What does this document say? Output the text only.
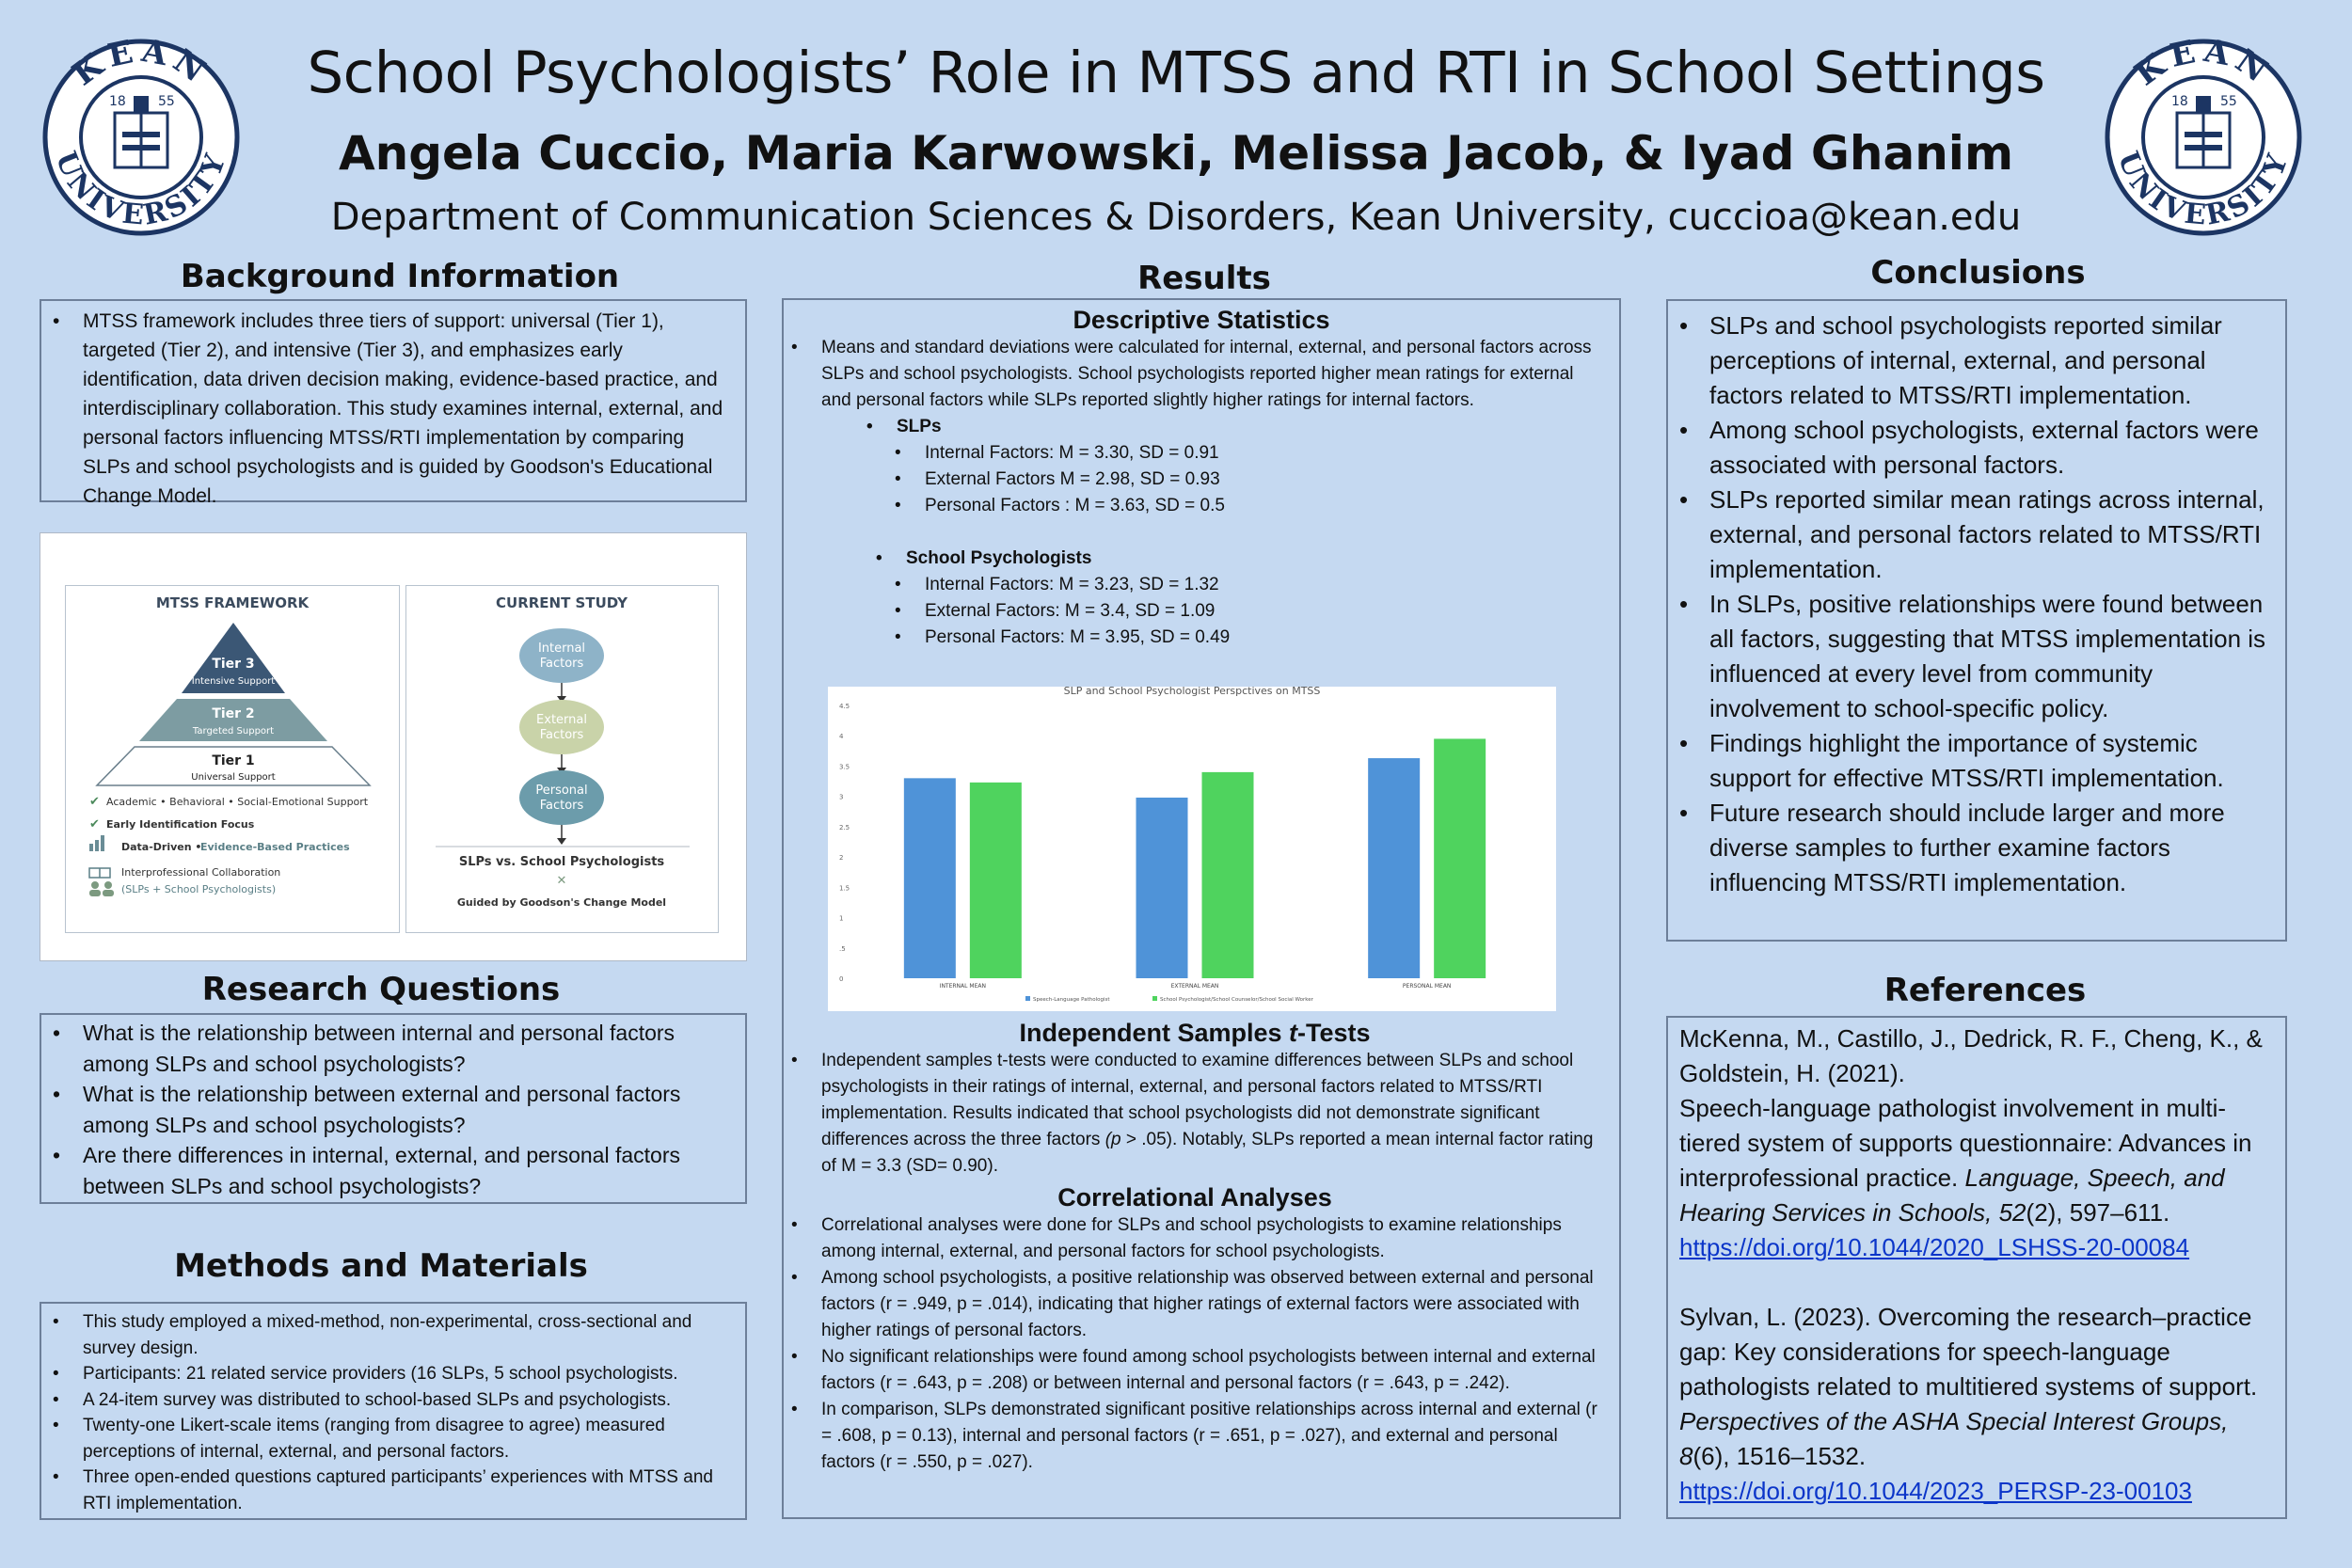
KEAN
UNIVERSITY
18 55
KEAN
UNIVERSITY
18 55
School Psychologists’ Role in MTSS and RTI in School Settings
Angela Cuccio, Maria Karwowski, Melissa Jacob, & Iyad Ghanim
Department of Communication Sciences & Disorders, Kean University, cuccioa@kean.edu
Background Information
• MTSS framework includes three tiers of support: universal (Tier 1), targeted (Tier 2), and intensive (Tier 3), and emphasizes early identification, data driven decision making, evidence-based practice, and interdisciplinary collaboration. This study examines internal, external, and personal factors influencing MTSS/RTI implementation by comparing SLPs and school psychologists and is guided by Goodson's Educational Change Model.
MTSS FRAMEWORK
Tier 3
Intensive Support
Tier 2
Targeted Support
Tier 1
Universal Support
✔ Academic • Behavioral • Social-Emotional Support
✔ Early Identification Focus
Data-Driven •
Evidence-Based Practices
Interprofessional Collaboration
(SLPs + School Psychologists)
CURRENT STUDY
Internal
Factors
External
Factors
Personal
Factors
SLPs vs. School Psychologists
✕
Guided by Goodson's Change Model
Research Questions
• What is the relationship between internal and personal factors among SLPs and school psychologists?
• What is the relationship between external and personal factors among SLPs and school psychologists?
• Are there differences in internal, external, and personal factors between SLPs and school psychologists?
Methods and Materials
• This study employed a mixed-method, non-experimental, cross-sectional and survey design.
• Participants: 21 related service providers (16 SLPs, 5 school psychologists.
• A 24-item survey was distributed to school-based SLPs and psychologists.
• Twenty-one Likert-scale items (ranging from disagree to agree) measured perceptions of internal, external, and personal factors.
• Three open-ended questions captured participants’ experiences with MTSS and RTI implementation.
Results
Descriptive Statistics
• Means and standard deviations were calculated for internal, external, and personal factors across SLPs and school psychologists. School psychologists reported higher mean ratings for external and personal factors while SLPs reported slightly higher ratings for internal factors.
• SLPs
• Internal Factors: M = 3.30, SD = 0.91
• External Factors M = 2.98, SD = 0.93
• Personal Factors : M = 3.63, SD = 0.5
• School Psychologists
• Internal Factors: M = 3.23, SD = 1.32
• External Factors: M = 3.4, SD = 1.09
• Personal Factors: M = 3.95, SD = 0.49
SLP and School Psychologist Perspctives on MTSS
0
.5
1
1.5
2
2.5
3
3.5
4
4.5
INTERNAL MEAN	EXTERNAL MEAN	PERSONAL MEAN
Speech-Language Pathologist	School Psychologist/School Counselor/School Social Worker
Independent Samples t-Tests
• Independent samples t-tests were conducted to examine differences between SLPs and school psychologists in their ratings of internal, external, and personal factors related to MTSS/RTI implementation. Results indicated that school psychologists did not demonstrate significant differences across the three factors (p > .05). Notably, SLPs reported a mean internal factor rating of M = 3.3 (SD= 0.90).
Correlational Analyses
• Correlational analyses were done for SLPs and school psychologists to examine relationships among internal, external, and personal factors for school psychologists.
• Among school psychologists, a positive relationship was observed between external and personal factors (r = .949, p = .014), indicating that higher ratings of external factors were associated with higher ratings of personal factors.
• No significant relationships were found among school psychologists between internal and external factors (r = .643, p = .208) or between internal and personal factors (r = .643, p = .242).
• In comparison, SLPs demonstrated significant positive relationships across internal and external (r = .608, p = 0.13), internal and personal factors (r = .651, p = .027), and external and personal factors (r = .550, p = .027).
Conclusions
• SLPs and school psychologists reported similar perceptions of internal, external, and personal factors related to MTSS/RTI implementation.
• Among school psychologists, external factors were associated with personal factors.
• SLPs reported similar mean ratings across internal, external, and personal factors related to MTSS/RTI implementation.
• In SLPs, positive relationships were found between all factors, suggesting that MTSS implementation is influenced at every level from community involvement to school-specific policy.
• Findings highlight the importance of systemic support for effective MTSS/RTI implementation.
• Future research should include larger and more diverse samples to further examine factors influencing MTSS/RTI implementation.
References
McKenna, M., Castillo, J., Dedrick, R. F., Cheng, K., & Goldstein, H. (2021).
Speech-language pathologist involvement in multi-tiered system of supports questionnaire: Advances in interprofessional practice. Language, Speech, and Hearing Services in Schools, 52(2), 597–611.
https://doi.org/10.1044/2020_LSHSS-20-00084
Sylvan, L. (2023). Overcoming the research–practice gap: Key considerations for speech-language pathologists related to multitiered systems of support. Perspectives of the ASHA Special Interest Groups, 8(6), 1516–1532.
https://doi.org/10.1044/2023_PERSP-23-00103
